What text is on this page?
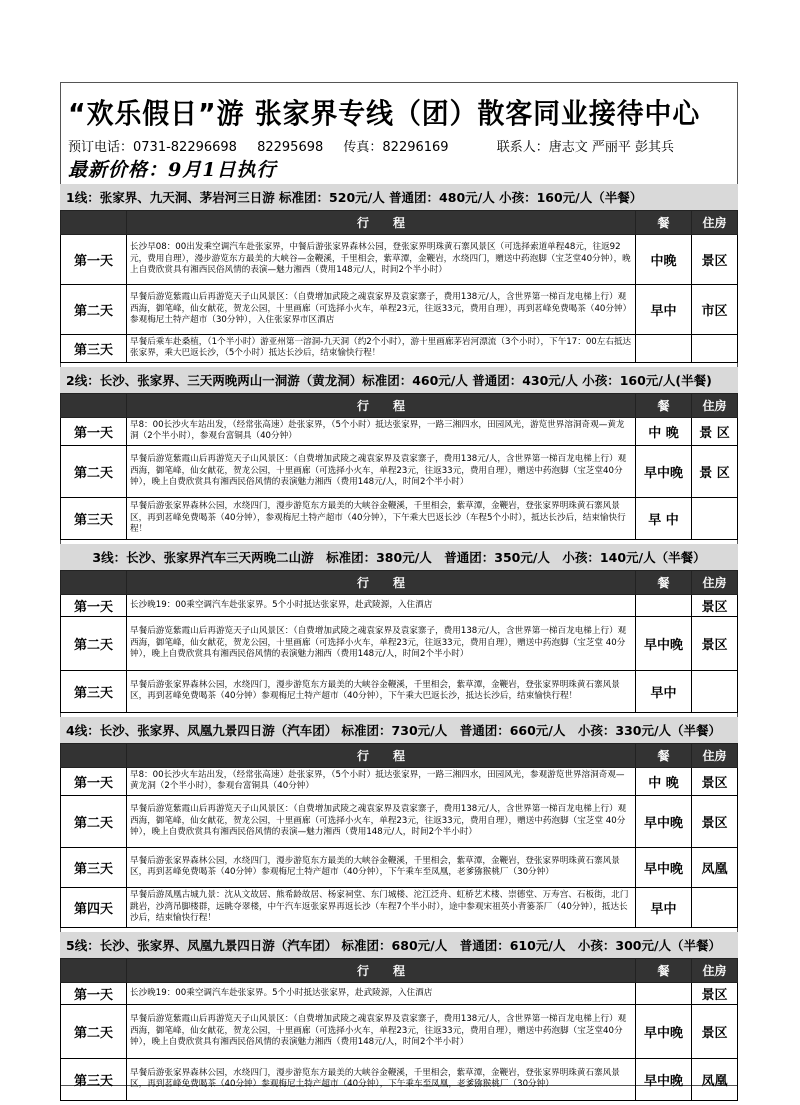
“欢乐假日”游 张家界专线（团）散客同业接待中心
预订电话：0731-82296698 82295698 传真：82296169	联系人：唐志文 严丽平 彭其兵
最新价格：9月1日执行
1线：张家界、九天洞、茅岩河三日游 标准团：520元/人 普通团：480元/人 小孩：160元/人（半餐）
	行　　程	餐	住房
第一天	长沙早08：00出发乘空调汽车赴张家界，中餐后游张家界森林公园，登张家界明珠黄石寨风景区（可选择索道单程48元，往返92元，费用自理），漫步游览东方最美的大峡谷—金鞭溪，千里相会，紫草潭，金鞭岩，水绕四门，赠送中药泡脚（宝芝堂40分钟），晚上自费欣赏具有湘西民俗风情的表演—魅力湘西（费用148元/人，时间2个半小时）	中晚	景区
第二天	早餐后游览紫霞山后再游览天子山风景区：（自费增加武陵之魂袁家界及袁家寨子，费用138元/人，含世界第一梯百龙电梯上行）观西海，御笔峰，仙女献花，贺龙公园，十里画廊（可选择小火车，单程23元，往返33元，费用自理），再到茗峰免费喝茶（40分钟）参观梅尼土特产超市（30分钟），入住张家界市区酒店	早中	市区
第三天	早餐后乘车赴桑植，（1个半小时）游亚州第一溶洞-九天洞（约2个小时），游十里画廊茅岩河漂流（3个小时），下午17：00左右抵达张家界，乘大巴返长沙，（5个小时）抵达长沙后，结束愉快行程！		
2线：长沙、张家界、三天两晚两山一洞游（黄龙洞）标准团：460元/人 普通团：430元/人 小孩：160元/人(半餐)
	行　　程	餐	住房
第一天	早8：00长沙火车站出发，（经常张高速）赴张家界，（5个小时）抵达张家界，一路三湘四水，田园风光，游览世界溶洞奇观—黄龙洞（2个半小时），参观台富铜具（40分钟）	中 晚	景 区
第二天	早餐后游览紫霞山后再游览天子山风景区：（自费增加武陵之魂袁家界及袁家寨子，费用138元/人，含世界第一梯百龙电梯上行）观西海，御笔峰，仙女献花，贺龙公园，十里画廊（可选择小火车，单程23元，往返33元，费用自理），赠送中药泡脚（宝芝堂40分钟），晚上自费欣赏具有湘西民俗风情的表演魅力湘西（费用148元/人，时间2个半小时）	早中晚	景 区
第三天	早餐后游张家界森林公园，水绕四门，漫步游览东方最美的大峡谷金鞭溪，千里相会，紫草潭，金鞭岩，登张家界明珠黄石寨风景区，再到茗峰免费喝茶（40分钟），参观梅尼土特产超市（40分钟），下午乘大巴返长沙（车程5个小时），抵达长沙后，结束愉快行程！	早 中	
3线：长沙、张家界汽车三天两晚二山游　标准团：380元/人　普通团：350元/人　小孩：140元/人（半餐）
	行　　程	餐	住房
第一天	长沙晚19：00乘空调汽车赴张家界。5个小时抵达张家界，赴武陵源，入住酒店		景区
第二天	早餐后游览紫霞山后再游览天子山风景区：（自费增加武陵之魂袁家界及袁家寨子，费用138元/人，含世界第一梯百龙电梯上行）观西海，御笔峰，仙女献花，贺龙公园，十里画廊（可选择小火车，单程23元，往返33元，费用自理），赠送中药泡脚（宝芝堂 40分钟），晚上自费欣赏具有湘西民俗风情的表演魅力湘西（费用148元/人，时间2个半小时）	早中晚	景区
第三天	早餐后游张家界森林公园，水绕四门，漫步游览东方最美的大峡谷金鞭溪，千里相会，紫草潭，金鞭岩，登张家界明珠黄石寨风景区，再到茗峰免费喝茶（40分钟）参观梅尼土特产超市（40分钟），下午乘大巴返长沙，抵达长沙后，结束愉快行程！	早中	
4线：长沙、张家界、凤凰九景四日游（汽车团） 标准团：730元/人　普通团：660元/人　小孩：330元/人（半餐）
	行　　程	餐	住房
第一天	早8：00长沙火车站出发，（经常张高速）赴张家界，（5个小时）抵达张家界，一路三湘四水，田园风光，参观游览世界溶洞奇观—黄龙洞（2个半小时），参观台富铜具（40分钟）	中 晚	景区
第二天	早餐后游览紫霞山后再游览天子山风景区：（自费增加武陵之魂袁家界及袁家寨子，费用138元/人，含世界第一梯百龙电梯上行）观西海，御笔峰，仙女献花，贺龙公园，十里画廊（可选择小火车，单程23元，往返33元，费用自理），赠送中药泡脚（宝芝堂 40分钟），晚上自费欣赏具有湘西民俗风情的表演—魅力湘西（费用148元/人，时间2个半小时）	早中晚	景区
第三天	早餐后游张家界森林公园，水绕四门，漫步游览东方最美的大峡谷金鞭溪，千里相会，紫草潭，金鞭岩，登张家界明珠黄石寨风景区，再到茗峰免费喝茶（40分钟）参观梅尼土特产超市（40分钟），下午乘车至凤凰，老爹猕猴桃厂（30分钟）	早中晚	凤凰
第四天	早餐后游凤凰古城九景：沈从文故居、熊希龄故居、杨家祠堂、东门城楼、沱江泛舟、虹桥艺术楼、崇德堂、万寿宫、石板街，北门跳岩，沙湾吊脚楼群，远眺夺翠楼，中午汽车返张家界再返长沙（车程7个半小时），途中参观宋祖英小背篓茶厂（40分钟），抵达长沙后，结束愉快行程！	早中	
5线：长沙、张家界、凤凰九景四日游（汽车团） 标准团：680元/人　普通团：610元/人　小孩：300元/人（半餐）
	行　　程	餐	住房
第一天	长沙晚19：00乘空调汽车赴张家界。5个小时抵达张家界，赴武陵源，入住酒店		景区
第二天	早餐后游览紫霞山后再游览天子山风景区：（自费增加武陵之魂袁家界及袁家寨子，费用138元/人，含世界第一梯百龙电梯上行）观西海，御笔峰，仙女献花，贺龙公园，十里画廊（可选择小火车，单程23元，往返33元，费用自理），赠送中药泡脚（宝芝堂40分钟），晚上自费欣赏具有湘西民俗风情的表演魅力湘西（费用148元/人，时间2个半小时）	早中晚	景区
第三天	早餐后游张家界森林公园，水绕四门，漫步游览东方最美的大峡谷金鞭溪，千里相会，紫草潭，金鞭岩，登张家界明珠黄石寨风景区，再到茗峰免费喝茶（40分钟）参观梅尼土特产超市（40分钟），下午乘车至凤凰，老爹猕猴桃厂（30分钟）	早中晚	凤凰
